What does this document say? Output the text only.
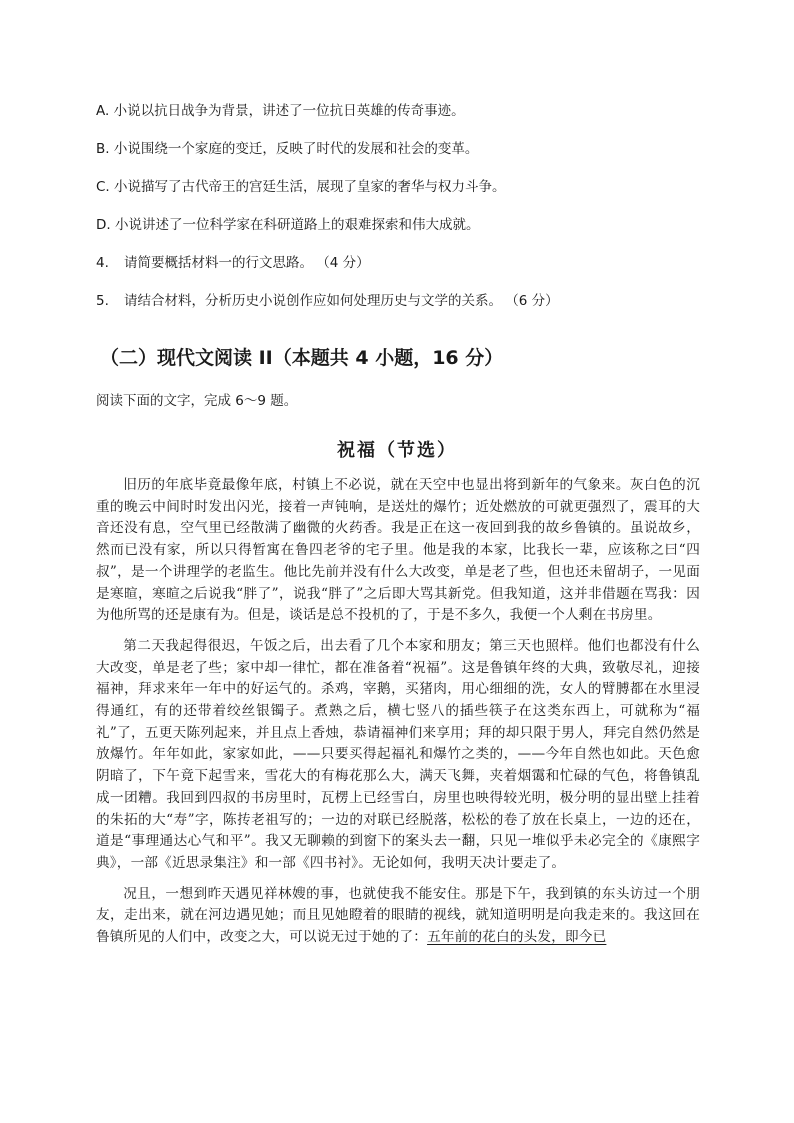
A. 小说以抗日战争为背景，讲述了一位抗日英雄的传奇事迹。
B. 小说围绕一个家庭的变迁，反映了时代的发展和社会的变革。
C. 小说描写了古代帝王的宫廷生活，展现了皇家的奢华与权力斗争。
D. 小说讲述了一位科学家在科研道路上的艰难探索和伟大成就。
4. 请简要概括材料一的行文思路。 （4 分）
5. 请结合材料，分析历史小说创作应如何处理历史与文学的关系。 （6 分）
（二）现代文阅读 II（本题共 4 小题，16 分）
阅读下面的文字，完成 6～9 题。
祝福（节选）

旧历的年底毕竟最像年底，村镇上不必说，就在天空中也显出将到新年的气象来。灰白色的沉重的晚云中间时时发出闪光，接着一声钝响，是送灶的爆竹；近处燃放的可就更强烈了，震耳的大音还没有息，空气里已经散满了幽微的火药香。我是正在这一夜回到我的故乡鲁镇的。虽说故乡，然而已没有家，所以只得暂寓在鲁四老爷的宅子里。他是我的本家，比我长一辈，应该称之曰“四叔”，是一个讲理学的老监生。他比先前并没有什么大改变，单是老了些，但也还未留胡子，一见面是寒暄，寒暄之后说我“胖了”，说我“胖了”之后即大骂其新党。但我知道，这并非借题在骂我：因为他所骂的还是康有为。但是，谈话是总不投机的了，于是不多久，我便一个人剩在书房里。

第二天我起得很迟，午饭之后，出去看了几个本家和朋友；第三天也照样。他们也都没有什么大改变，单是老了些；家中却一律忙，都在准备着“祝福”。这是鲁镇年终的大典，致敬尽礼，迎接福神，拜求来年一年中的好运气的。杀鸡，宰鹅，买猪肉，用心细细的洗，女人的臂膊都在水里浸得通红，有的还带着绞丝银镯子。煮熟之后，横七竖八的插些筷子在这类东西上，可就称为“福礼”了，五更天陈列起来，并且点上香烛，恭请福神们来享用；拜的却只限于男人，拜完自然仍然是放爆竹。年年如此，家家如此，——只要买得起福礼和爆竹之类的，——今年自然也如此。天色愈阴暗了，下午竟下起雪来，雪花大的有梅花那么大，满天飞舞，夹着烟霭和忙碌的气色，将鲁镇乱成一团糟。我回到四叔的书房里时，瓦楞上已经雪白，房里也映得较光明，极分明的显出壁上挂着的朱拓的大“寿”字，陈抟老祖写的；一边的对联已经脱落，松松的卷了放在长桌上，一边的还在，道是“事理通达心气和平”。我又无聊赖的到窗下的案头去一翻，只见一堆似乎未必完全的《康熙字典》，一部《近思录集注》和一部《四书衬》。无论如何，我明天决计要走了。

况且，一想到昨天遇见祥林嫂的事，也就使我不能安住。那是下午，我到镇的东头访过一个朋友，走出来，就在河边遇见她；而且见她瞪着的眼睛的视线，就知道明明是向我走来的。我这回在鲁镇所见的人们中，改变之大，可以说无过于她的了：五年前的花白的头发，即今已
